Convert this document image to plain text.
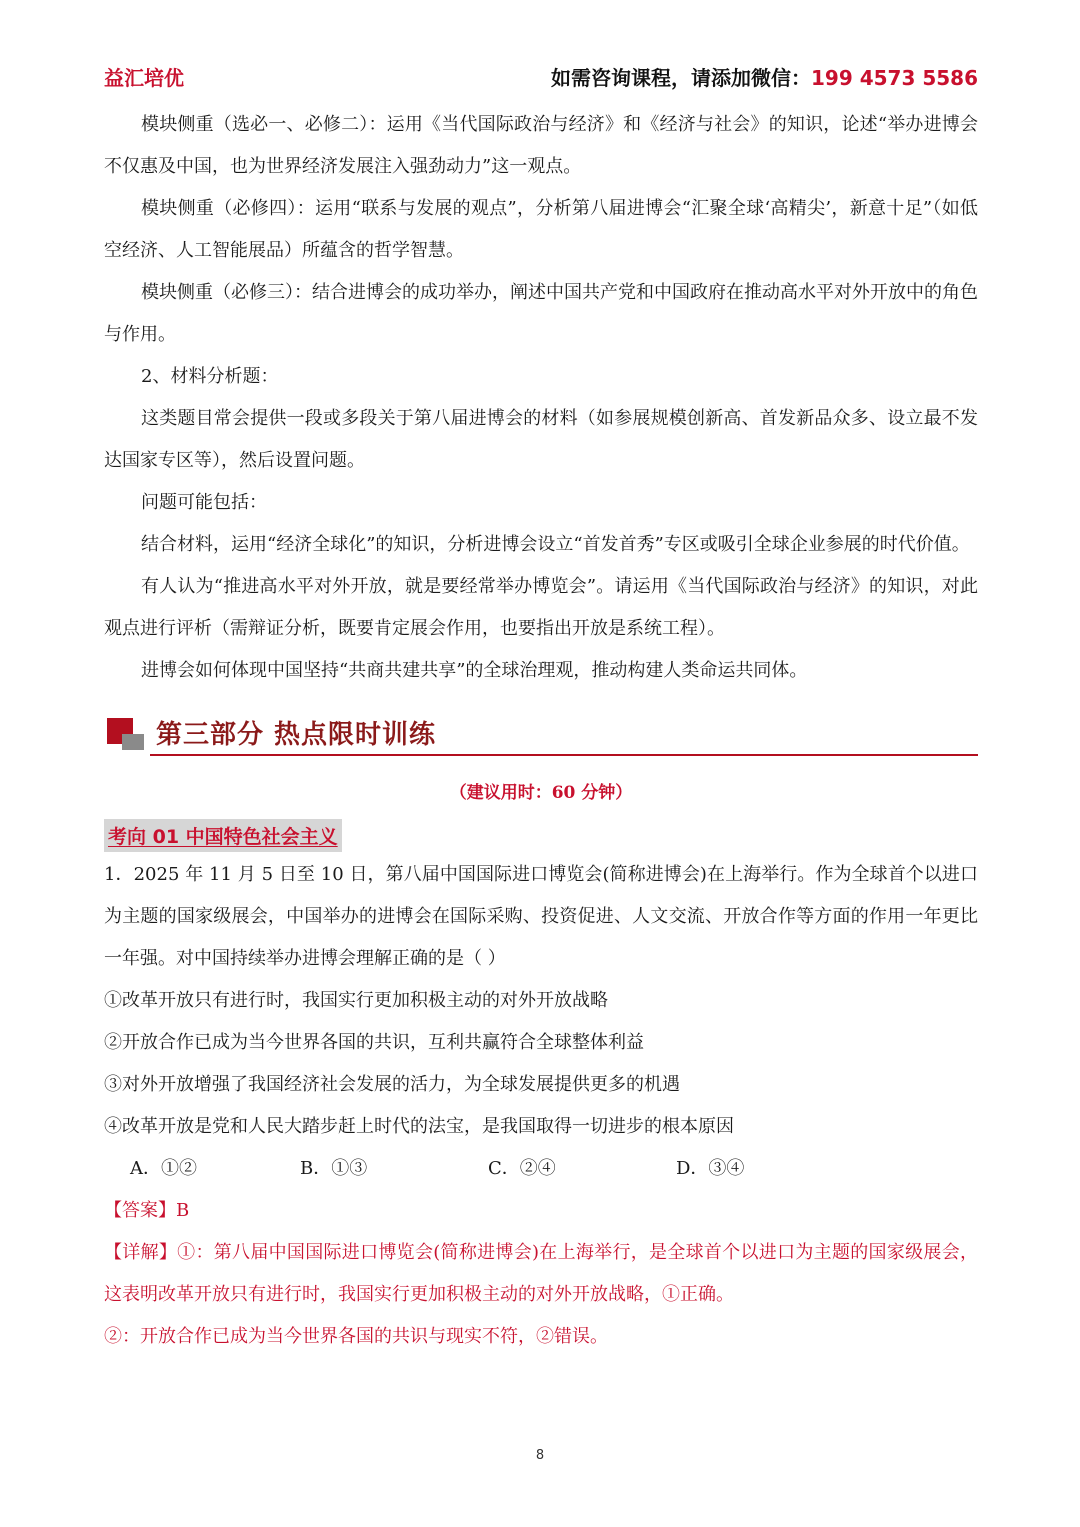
益汇培优	如需咨询课程，请添加微信：199 4573 5586

模块侧重（选必一、必修二）：运用《当代国际政治与经济》和《经济与社会》的知识，论述“举办进博会不仅惠及中国，也为世界经济发展注入强劲动力”这一观点。

模块侧重（必修四）：运用“联系与发展的观点”，分析第八届进博会“汇聚全球‘高精尖’，新意十足”（如低空经济、人工智能展品）所蕴含的哲学智慧。

模块侧重（必修三）：结合进博会的成功举办，阐述中国共产党和中国政府在推动高水平对外开放中的角色与作用。

2、材料分析题：

这类题目常会提供一段或多段关于第八届进博会的材料（如参展规模创新高、首发新品众多、设立最不发达国家专区等），然后设置问题。

问题可能包括：

结合材料，运用“经济全球化”的知识，分析进博会设立“首发首秀”专区或吸引全球企业参展的时代价值。

有人认为“推进高水平对外开放，就是要经常举办博览会”。请运用《当代国际政治与经济》的知识，对此观点进行评析（需辩证分析，既要肯定展会作用，也要指出开放是系统工程）。

进博会如何体现中国坚持“共商共建共享”的全球治理观，推动构建人类命运共同体。

第三部分 热点限时训练
（建议用时：60 分钟）
考向 01 中国特色社会主义

1．2025 年 11 月 5 日至 10 日，第八届中国国际进口博览会(简称进博会)在上海举行。作为全球首个以进口为主题的国家级展会，中国举办的进博会在国际采购、投资促进、人文交流、开放合作等方面的作用一年更比一年强。对中国持续举办进博会理解正确的是（ ）

①改革开放只有进行时，我国实行更加积极主动的对外开放战略

②开放合作已成为当今世界各国的共识，互利共赢符合全球整体利益

③对外开放增强了我国经济社会发展的活力，为全球发展提供更多的机遇

④改革开放是党和人民大踏步赶上时代的法宝，是我国取得一切进步的根本原因

A．①②	B．①③	C．②④	D．③④

【答案】B

【详解】①：第八届中国国际进口博览会(简称进博会)在上海举行，是全球首个以进口为主题的国家级展会，这表明改革开放只有进行时，我国实行更加积极主动的对外开放战略，①正确。

②：开放合作已成为当今世界各国的共识与现实不符，②错误。

8
